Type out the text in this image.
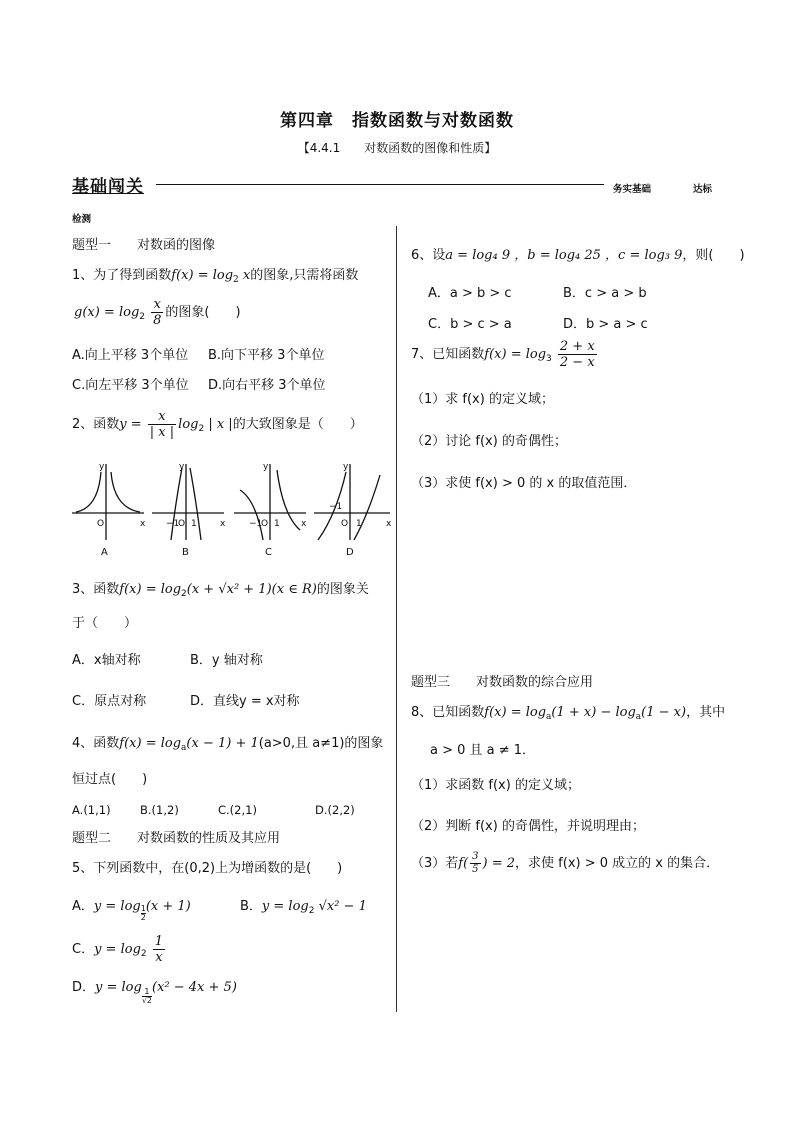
第四章　指数函数与对数函数
【4.4.1　　对数函数的图像和性质】
基础闯关	务实基础	达标
检测
题型一　　对数函的图像
1、为了得到函数$f(x) = \log_2 x$的图象,只需将函数
$g(x) = \log_2 \frac{x}{8}$ 的图象(　　)
A.向上平移 3个单位 B.向下平移 3个单位
C.向左平移 3个单位 D.向右平移 3个单位
2、函数$y = \frac{x}{| x |} \log_2$ | x |的大致图象是（　　）
y
O	x
y
−1
O 1	x
y
−1
O 1 x
y
−1
O 1	x
A	B	C	D
3、函数$f(x) = \log_2(x + √x^2 + 1)(x$ ∈ R)的图象关
于（　　）
A．x轴对称	B．y 轴对称
C．原点对称	D．直线y = x对称
4、函数$f(x) = \log_a(x - 1) + 1(a>0$,且 a≠1)的图象
恒过点(　　)
A.(1,1)	B.(1,2)	C.(2,1)	D.(2,2)
题型二　　对数函数的性质及其应用
5、下列函数中，在(0,2)上为增函数的是(　　)
A．$y = \log \frac{1}{2} (x + 1)$	B．$y = \log_2 √x^2 - 1$
C．$y = \log_2 \frac{1}{x}$
D．y = log
$\frac{1}{√2}$
(x² − 4x + 5)
6、设a = log₄ 9 ，b = log₄ 25 ，c = log₃ 9，则(　　)
A．a > b > c	B．c > a > b
C．b > c > a	D．b > a > c
7、已知函数$f(x) = \log_3 \frac{2 + x}{2 - x}$
（1）求 f(x) 的定义域；
（2）讨论 f(x) 的奇偶性；
（3）求使 f(x) > 0 的 x 的取值范围．
题型三　　对数函数的综合应用
8、已知函数$f(x) = \log_a(1 + x) - \log_a(1 - x)$，其中
a > 0 且 a ≠ 1．
（1）求函数 f(x) 的定义域；
（2）判断 f(x) 的奇偶性，并说明理由；
（3）若$f( \frac{3}{5}$ ) = 2，求使 f(x) > 0 成立的 x 的集合．
